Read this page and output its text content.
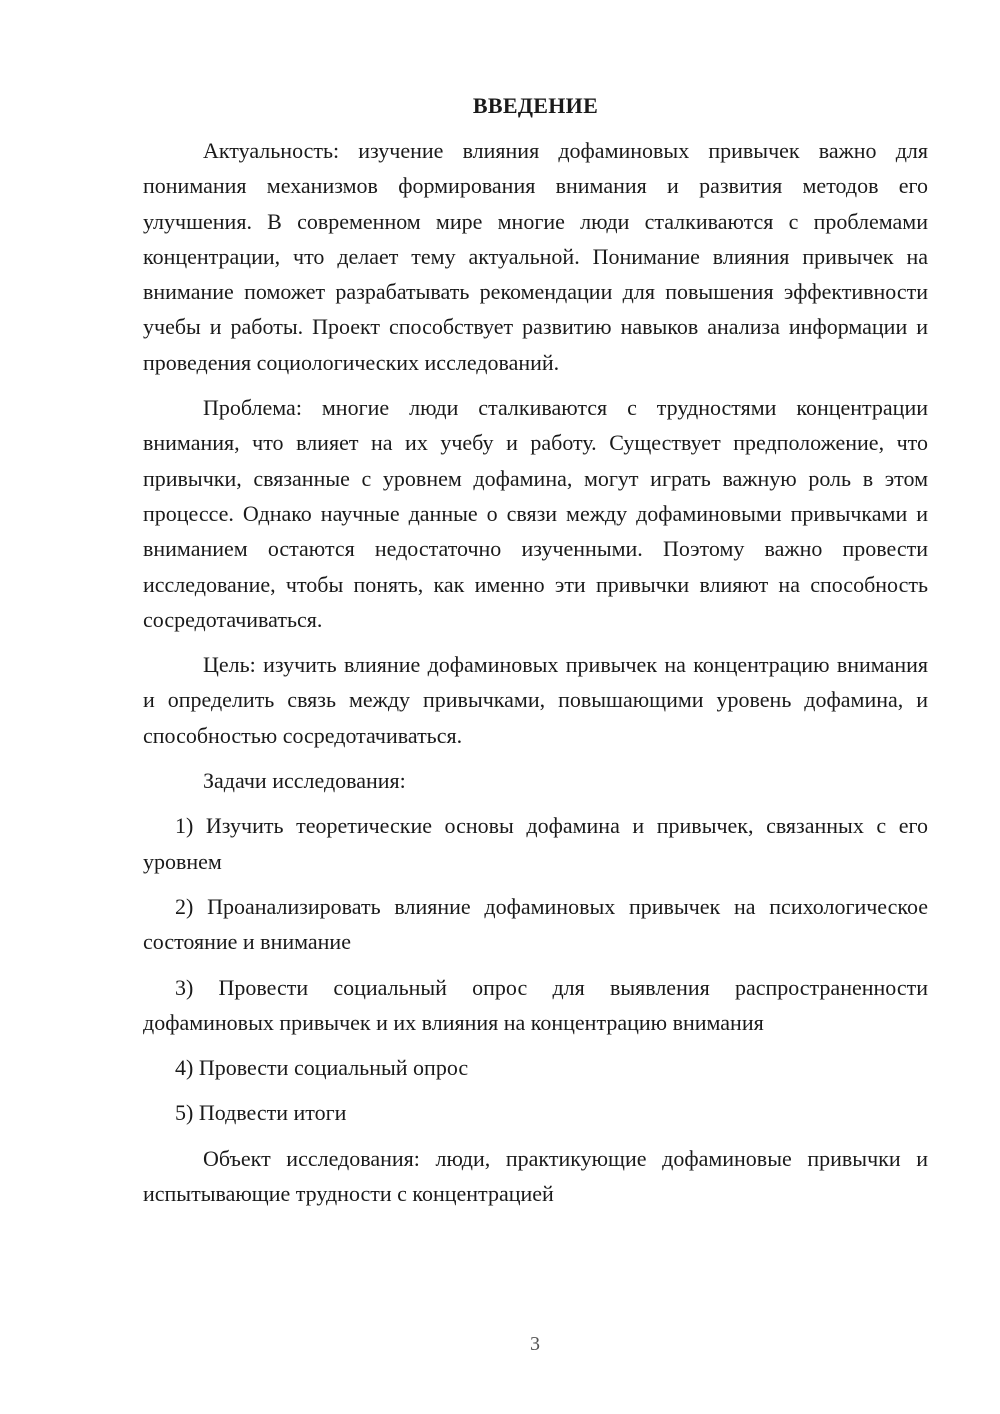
ВВЕДЕНИЕ

Актуальность: изучение влияния дофаминовых привычек важно для понимания механизмов формирования внимания и развития методов его улучшения. В современном мире многие люди сталкиваются с проблемами концентрации, что делает тему актуальной. Понимание влияния привычек на внимание поможет разрабатывать рекомендации для повышения эффективности учебы и работы. Проект способствует развитию навыков анализа информации и проведения социологических исследований.

Проблема: многие люди сталкиваются с трудностями концентрации внимания, что влияет на их учебу и работу. Существует предположение, что привычки, связанные с уровнем дофамина, могут играть важную роль в этом процессе. Однако научные данные о связи между дофаминовыми привычками и вниманием остаются недостаточно изученными. Поэтому важно провести исследование, чтобы понять, как именно эти привычки влияют на способность сосредотачиваться.

Цель: изучить влияние дофаминовых привычек на концентрацию внимания и определить связь между привычками, повышающими уровень дофамина, и способностью сосредотачиваться.

Задачи исследования:

1) Изучить теоретические основы дофамина и привычек, связанных с его уровнем

2) Проанализировать влияние дофаминовых привычек на психологическое состояние и внимание

3) Провести социальный опрос для выявления распространенности дофаминовых привычек и их влияния на концентрацию внимания

4) Провести социальный опрос

5) Подвести итоги

Объект исследования: люди, практикующие дофаминовые привычки и испытывающие трудности с концентрацией

3
